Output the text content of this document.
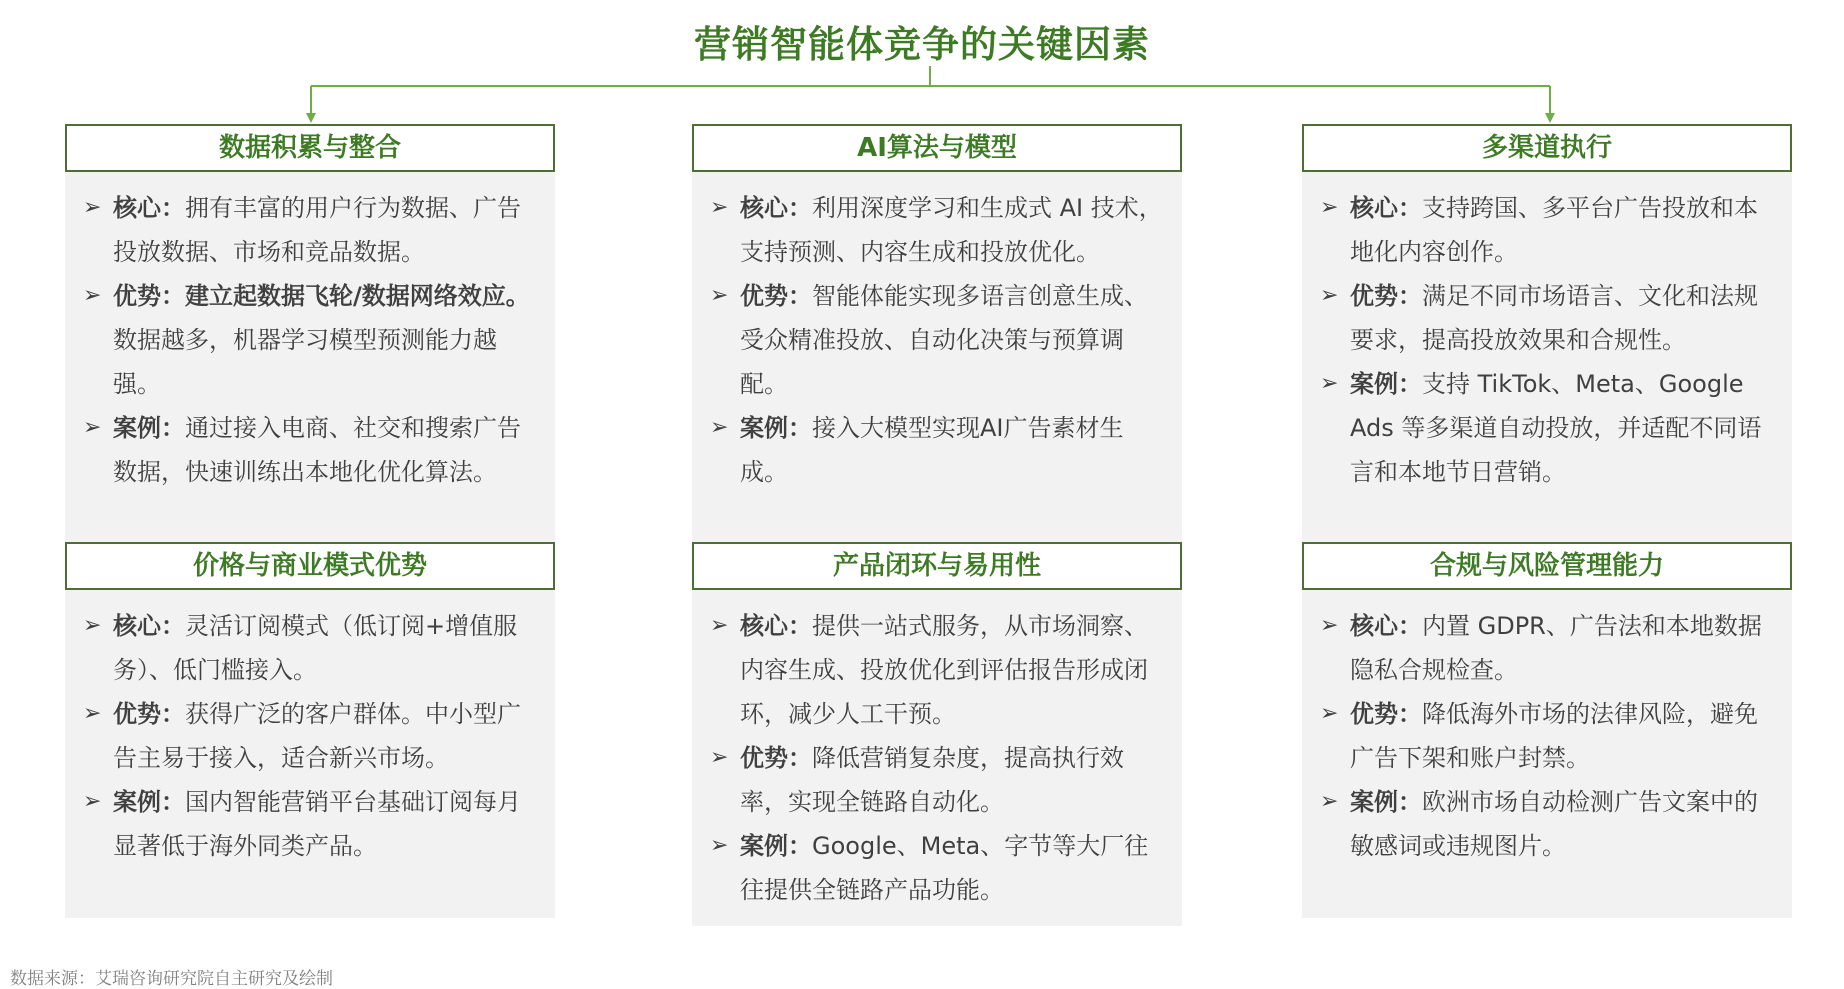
营销智能体竞争的关键因素
数据积累与整合
➢ 核心：拥有丰富的用户行为数据、广告投放数据、市场和竞品数据。
➢ 优势：建立起数据飞轮/数据网络效应。数据越多，机器学习模型预测能力越强。
➢ 案例：通过接入电商、社交和搜索广告数据，快速训练出本地化优化算法。
AI算法与模型
➢ 核心：利用深度学习和生成式 AI 技术，支持预测、内容生成和投放优化。
➢ 优势：智能体能实现多语言创意生成、受众精准投放、自动化决策与预算调配。
➢ 案例：接入大模型实现AI广告素材生成。
多渠道执行
➢ 核心：支持跨国、多平台广告投放和本地化内容创作。
➢ 优势：满足不同市场语言、文化和法规要求，提高投放效果和合规性。
➢ 案例：支持 TikTok、Meta、Google Ads 等多渠道自动投放，并适配不同语言和本地节日营销。
价格与商业模式优势
➢ 核心：灵活订阅模式（低订阅+增值服务）、低门槛接入。
➢ 优势：获得广泛的客户群体。中小型广告主易于接入，适合新兴市场。
➢ 案例：国内智能营销平台基础订阅每月显著低于海外同类产品。
产品闭环与易用性
➢ 核心：提供一站式服务，从市场洞察、内容生成、投放优化到评估报告形成闭环，减少人工干预。
➢ 优势：降低营销复杂度，提高执行效率，实现全链路自动化。
➢ 案例：Google、Meta、字节等大厂往往提供全链路产品功能。
合规与风险管理能力
➢ 核心：内置 GDPR、广告法和本地数据隐私合规检查。
➢ 优势：降低海外市场的法律风险，避免广告下架和账户封禁。
➢ 案例：欧洲市场自动检测广告文案中的敏感词或违规图片。
数据来源：艾瑞咨询研究院自主研究及绘制
